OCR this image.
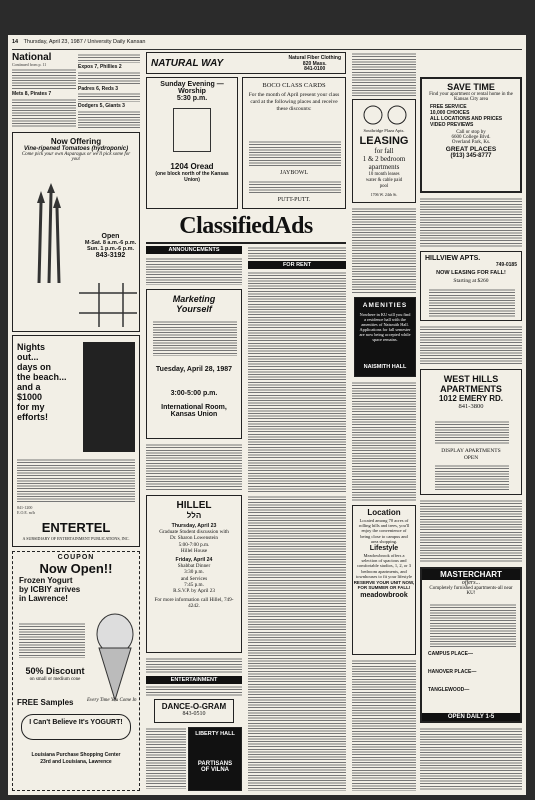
14 Thursday, April 23, 1987 / University Daily Kansan
National
Continued from p. 11
Mets 8, Pirates 7
Expos 7, Phillies 2
Padres 6, Reds 3
Dodgers 5, Giants 3
Now Offering
Vine-ripened Tomatoes (hydroponic)
Come pick your own Asparagus or we'll pick some for you!
Open
M-Sat. 8 a.m.-6 p.m.
Sun. 1 p.m.-6 p.m.
843-3192
Nights
out...
days on
the beach...
and a
$1000
for my
efforts!
841-1200
E.O.E. m/h
ENTERTEL
A SUBSIDIARY OF ENTERTAINMENT PUBLICATIONS, INC.
COUPON
Now Open!!
Frozen Yogurt
by ICBIY arrives
in Lawrence!
50% Discount
on small or medium cone
FREE Samples	Every Time You Come In
I Can't Believe It's YOGURT!
Louisiana Purchase Shopping Center
23rd and Louisiana, Lawrence
NATURAL WAY	Natural Fiber Clothing
820 Mass.
841-0100
Sunday Evening —
Worship
5:30 p.m.
1204 Oread
(one block north of the Kansas Union)
BOCO CLASS CARDS
For the month of April present your class card at the following places and receive these discounts:
JAYBOWL
PUTT-PUTT.
ClassifiedAds
ANNOUNCEMENTS
FOR RENT
Marketing
Yourself
Tuesday, April 28, 1987
3:00-5:00 p.m.
International Room, Kansas Union
HILLEL
הלל
Thursday, April 23
Graduate Student discussion with
Dr. Sharon Lowenstein
5:00-7:00 p.m.
Hillel House
Friday, April 24
Shabbat Dinner
3:30 p.m.
and Services
7:45 p.m.
R.S.V.P. by April 23
For more information call Hillel, 749-4242.
ENTERTAINMENT
DANCE-O-GRAM
843-0510
LIBERTY HALL
PARTISANS
OF VILNA
Southridge Plaza Apts.
LEASING
for fall
1 & 2 bedroom
apartments
10 month leases
water & cable paid
pool
1706 W. 24th St.
AMENITIES
Nowhere in KU will you find a residence hall with the amenities of Naismith Hall. Applications for fall semester are now being accepted while space remains.
NAISMITH HALL
Location
Located among 70 acres of rolling hills and trees, you'll enjoy the convenience of being close to campus and area shopping.
Lifestyle
Meadowbrook offers a selection of spacious and comfortable studios, 1, 2, or 3 bedroom apartments, and townhouses to fit your lifestyle
RESERVE YOUR UNIT NOW,
FOR SUMMER OR FALL!
meadowbrook
SAVE TIME
Find your apartment or rental home in the Kansas City area
FREE SERVICE
10,000 CHOICES
ALL LOCATIONS AND PRICES
VIDEO PREVIEWS
Call or stop by
6600 College Blvd.
Overland Park, Ks.
GREAT PLACES
(913) 345-8777
HILLVIEW APTS.
749-0185
NOW LEASING FOR FALL!
Starting at $260
WEST HILLS
APARTMENTS
1012 EMERY RD.
841-3800
DISPLAY APARTMENTS
OPEN
MASTERCHART
offers...
Completely furnished apartments-all near KU!
CAMPUS PLACE—
HANOVER PLACE—
TANGLEWOOD—
OPEN DAILY 1-5
